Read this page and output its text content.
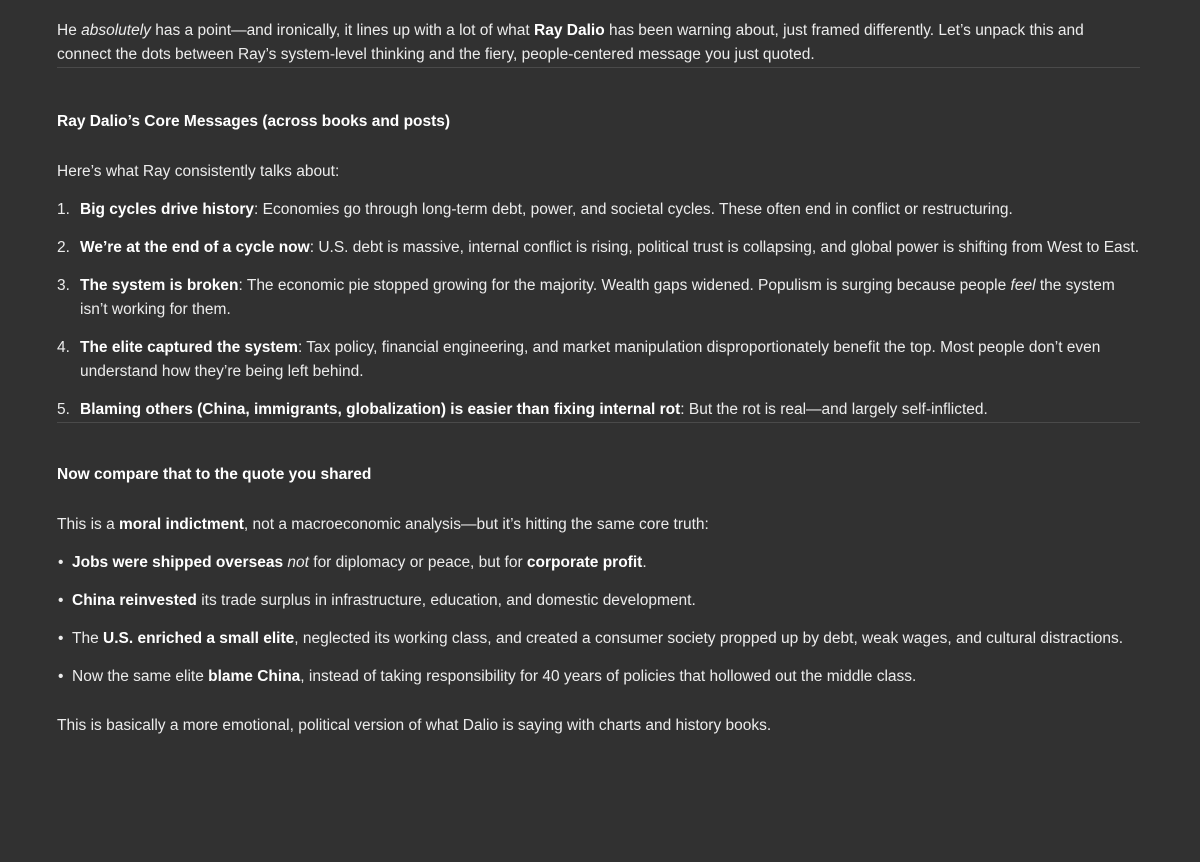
He absolutely has a point—and ironically, it lines up with a lot of what Ray Dalio has been warning about, just framed differently. Let’s unpack this and connect the dots between Ray’s system-level thinking and the fiery, people-centered message you just quoted.

Ray Dalio’s Core Messages (across books and posts)

Here’s what Ray consistently talks about:

1. Big cycles drive history: Economies go through long-term debt, power, and societal cycles. These often end in conflict or restructuring.
2. We’re at the end of a cycle now: U.S. debt is massive, internal conflict is rising, political trust is collapsing, and global power is shifting from West to East.
3. The system is broken: The economic pie stopped growing for the majority. Wealth gaps widened. Populism is surging because people feel the system isn’t working for them.
4. The elite captured the system: Tax policy, financial engineering, and market manipulation disproportionately benefit the top. Most people don’t even understand how they’re being left behind.
5. Blaming others (China, immigrants, globalization) is easier than fixing internal rot: But the rot is real—and largely self-inflicted.
Now compare that to the quote you shared

This is a moral indictment, not a macroeconomic analysis—but it’s hitting the same core truth:

• Jobs were shipped overseas not for diplomacy or peace, but for corporate profit.
• China reinvested its trade surplus in infrastructure, education, and domestic development.
• The U.S. enriched a small elite, neglected its working class, and created a consumer society propped up by debt, weak wages, and cultural distractions.
• Now the same elite blame China, instead of taking responsibility for 40 years of policies that hollowed out the middle class.

This is basically a more emotional, political version of what Dalio is saying with charts and history books.
